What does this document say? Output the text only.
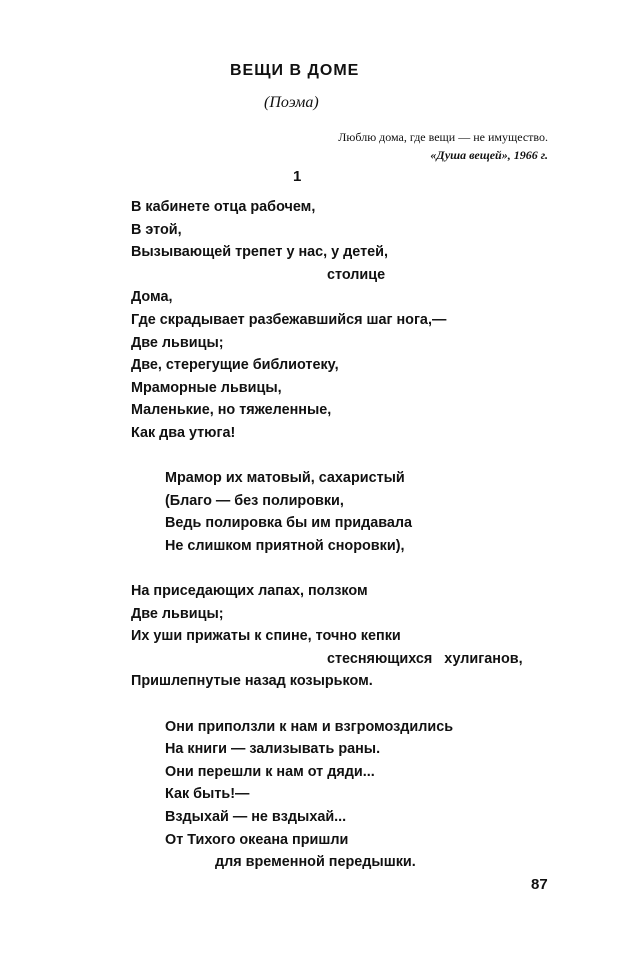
ВЕЩИ В ДОМЕ
(Поэма)
Люблю дома, где вещи — не имущество.
«Душа вещей», 1966 г.
1
В кабинете отца рабочем,
В этой,
Вызывающей трепет у нас, у детей,
столице
Дома,
Где скрадывает разбежавшийся шаг нога,—
Две львицы;
Две, стерегущие библиотеку,
Мраморные львицы,
Маленькие, но тяжеленные,
Как два утюга!
Мрамор их матовый, сахаристый
(Благо — без полировки,
Ведь полировка бы им придавала
Не слишком приятной сноровки),
На приседающих лапах, ползком
Две львицы;
Их уши прижаты к спине, точно кепки
стесняющихся   хулиганов,
Пришлепнутые назад козырьком.
Они приползли к нам и взгромоздились
На книги — зализывать раны.
Они перешли к нам от дяди...
Как быть!—
Вздыхай — не вздыхай...
От Тихого океана пришли
для временной передышки.
87
